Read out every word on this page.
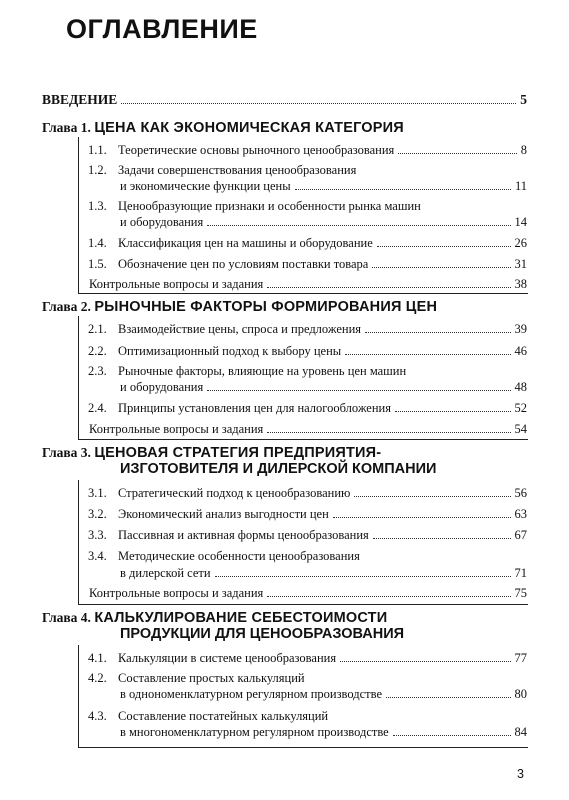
ОГЛАВЛЕНИЕ
ВВЕДЕНИЕ	5
Глава 1. ЦЕНА КАК ЭКОНОМИЧЕСКАЯ КАТЕГОРИЯ
1.1. Теоретические основы рыночного ценообразования	8
1.2. Задачи совершенствования ценообразования
и экономические функции цены	11
1.3. Ценообразующие признаки и особенности рынка машин
и оборудования	14
1.4. Классификация цен на машины и оборудование	26
1.5. Обозначение цен по условиям поставки товара	31
Контрольные вопросы и задания	38
Глава 2. РЫНОЧНЫЕ ФАКТОРЫ ФОРМИРОВАНИЯ ЦЕН
2.1. Взаимодействие цены, спроса и предложения	39
2.2. Оптимизационный подход к выбору цены	46
2.3. Рыночные факторы, влияющие на уровень цен машин
и оборудования	48
2.4. Принципы установления цен для налогообложения	52
Контрольные вопросы и задания	54
Глава 3. ЦЕНОВАЯ СТРАТЕГИЯ ПРЕДПРИЯТИЯ-
ИЗГОТОВИТЕЛЯ И ДИЛЕРСКОЙ КОМПАНИИ
3.1. Стратегический подход к ценообразованию	56
3.2. Экономический анализ выгодности цен	63
3.3. Пассивная и активная формы ценообразования	67
3.4. Методические особенности ценообразования
в дилерской сети	71
Контрольные вопросы и задания	75
Глава 4. КАЛЬКУЛИРОВАНИЕ СЕБЕСТОИМОСТИ
ПРОДУКЦИИ ДЛЯ ЦЕНООБРАЗОВАНИЯ
4.1. Калькуляции в системе ценообразования	77
4.2. Составление простых калькуляций
в однономенклатурном регулярном производстве	80
4.3. Составление постатейных калькуляций
в многономенклатурном регулярном производстве	84
3
